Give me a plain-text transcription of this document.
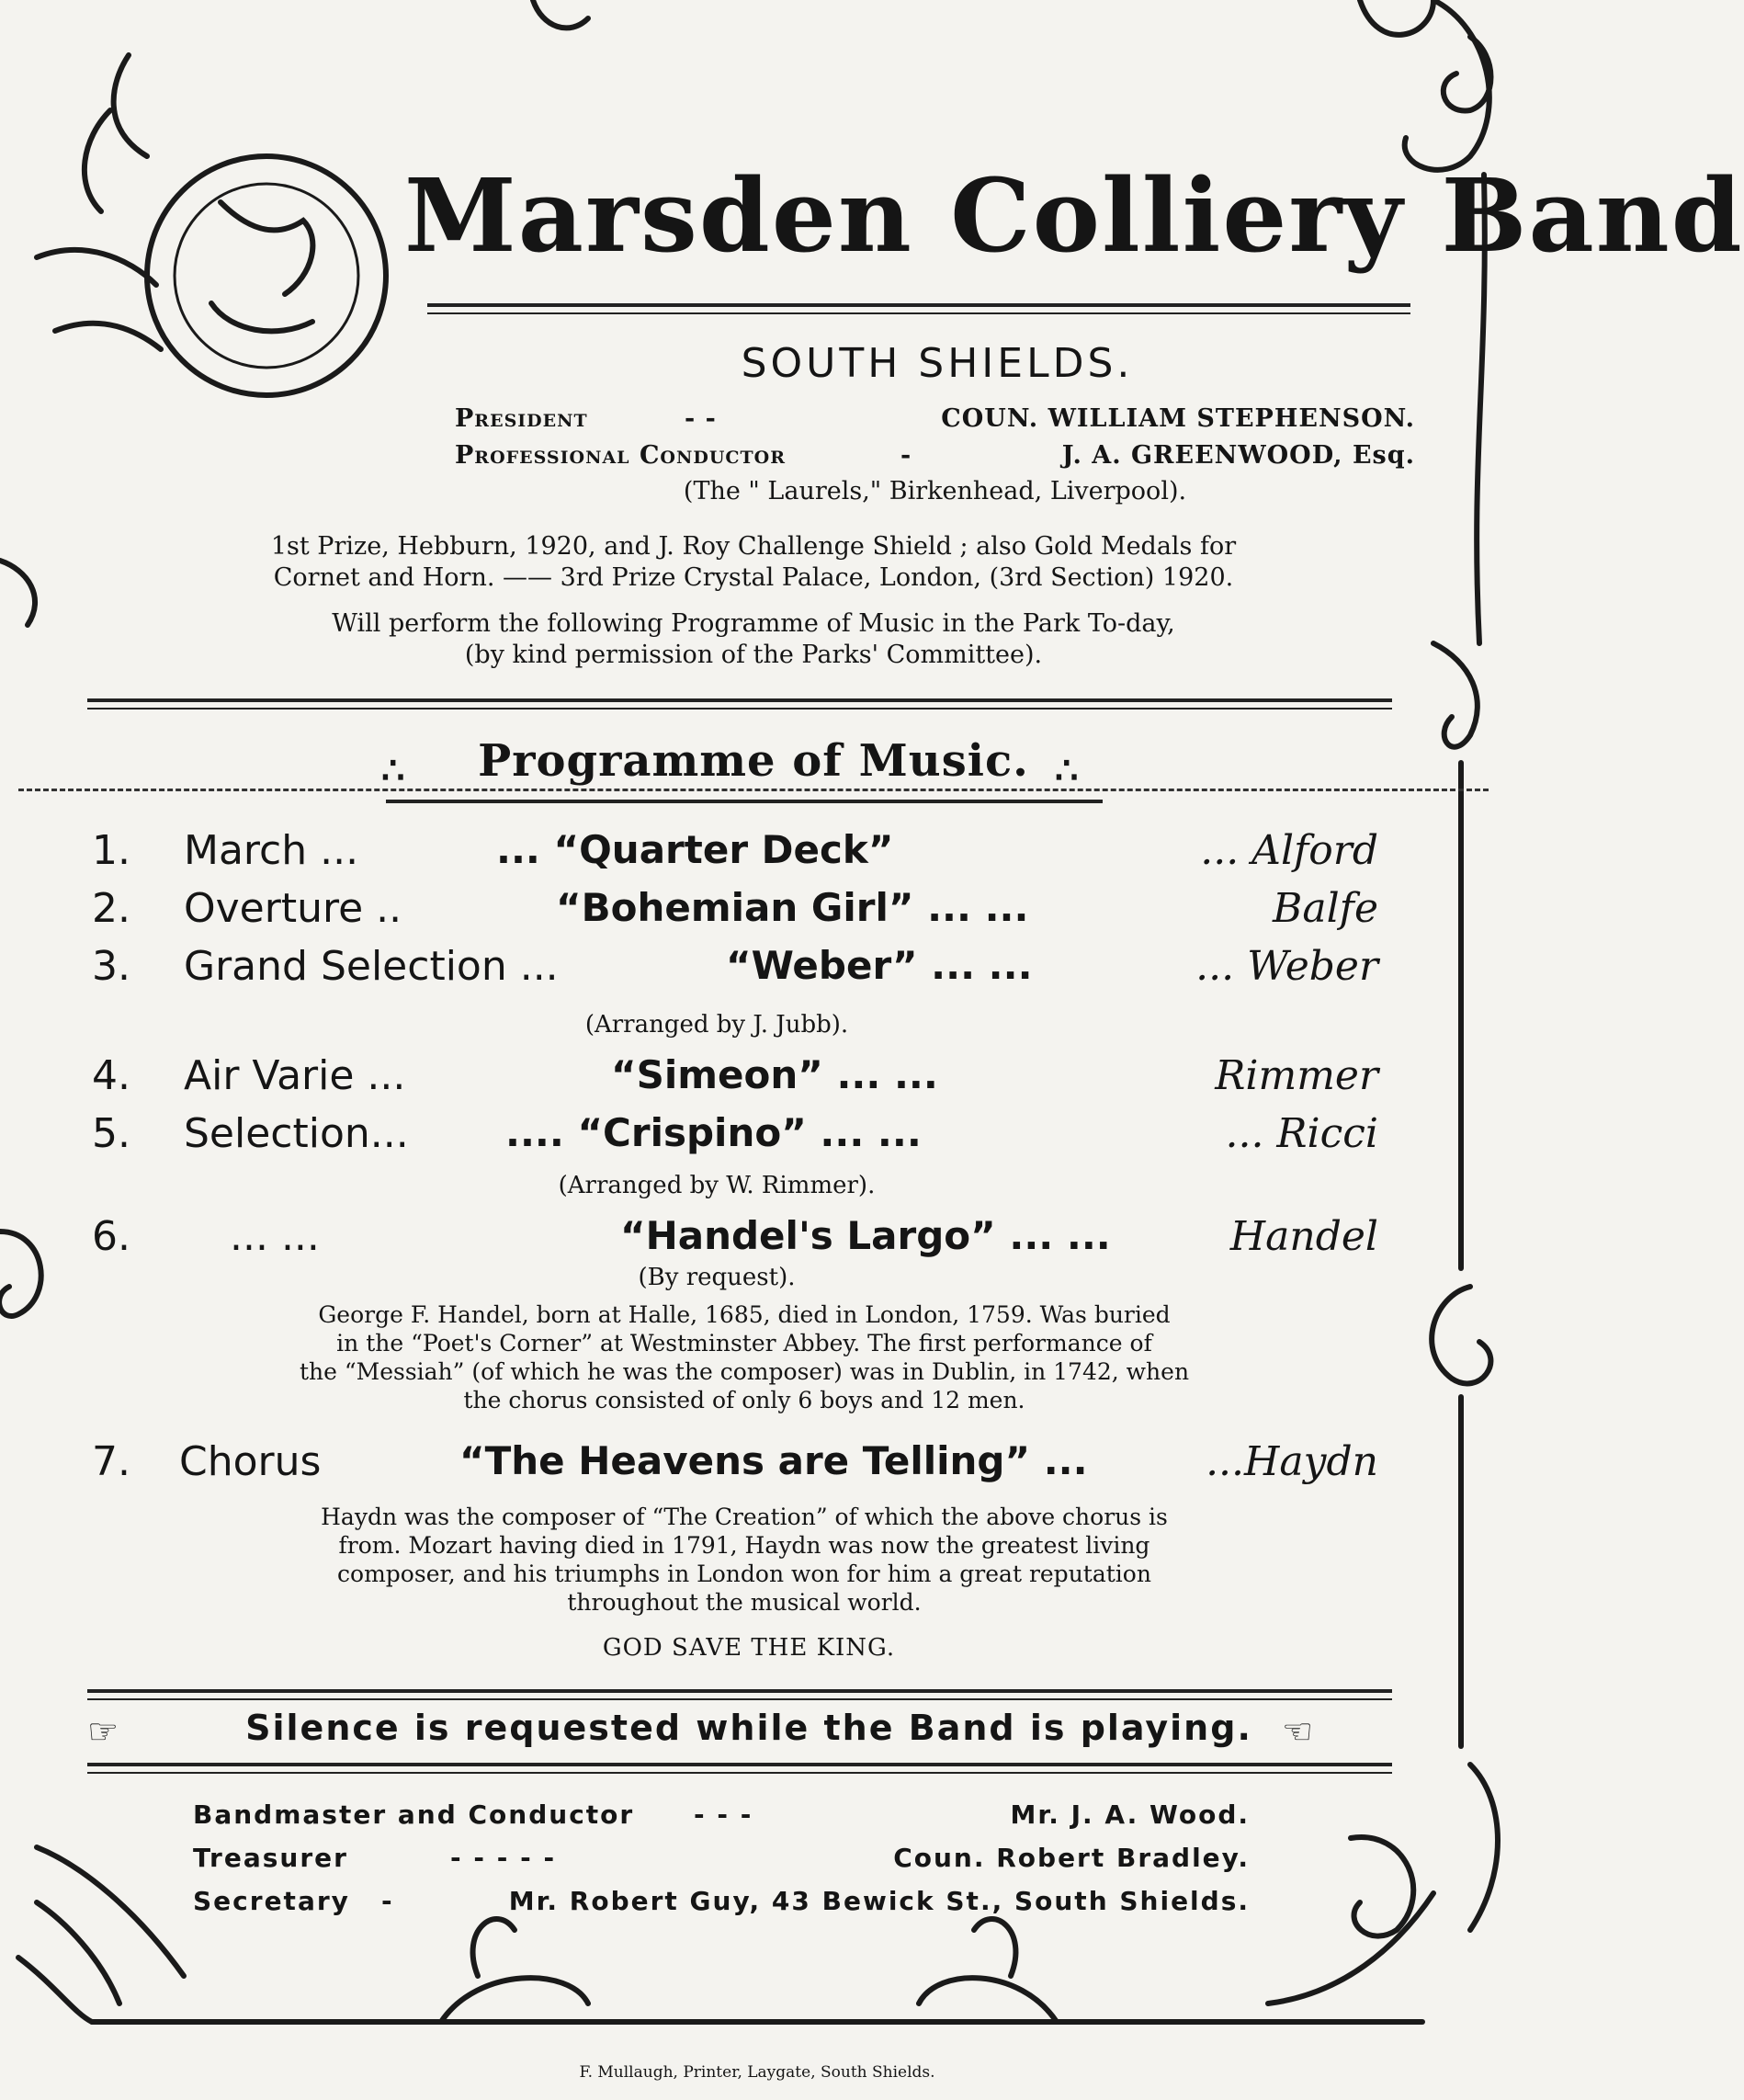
Marsden Colliery Band
SOUTH SHIELDS.
President	- -	COUN. WILLIAM STEPHENSON.
Professional Conductor	-	J. A. GREENWOOD, Esq.
(The " Laurels," Birkenhead, Liverpool).
1st Prize, Hebburn, 1920, and J. Roy Challenge Shield ; also Gold Medals for
Cornet and Horn. —— 3rd Prize Crystal Palace, London, (3rd Section) 1920.
Will perform the following Programme of Music in the Park To-day,
(by kind permission of the Parks' Committee).
∴	Programme of Music. ∴
1. March ...	... “Quarter Deck”	... Alford
2. Overture ..	“Bohemian Girl” ... ...	Balfe
3. Grand Selection ...	“Weber” ... ...	... Weber
(Arranged by J. Jubb).
4. Air Varie ...	“Simeon” ... ...	Rimmer
5. Selection...	.... “Crispino” ... ...	... Ricci
(Arranged by W. Rimmer).
6. ... ...	“Handel's Largo” ... ...	Handel
(By request).
George F. Handel, born at Halle, 1685, died in London, 1759. Was buried
in the “Poet's Corner” at Westminster Abbey. The first performance of
the “Messiah” (of which he was the composer) was in Dublin, in 1742, when
the chorus consisted of only 6 boys and 12 men.
7. Chorus	“The Heavens are Telling” ...	...Haydn
Haydn was the composer of “The Creation” of which the above chorus is
from. Mozart having died in 1791, Haydn was now the greatest living
composer, and his triumphs in London won for him a great reputation
throughout the musical world.
GOD SAVE THE KING.
☞	Silence is requested while the Band is playing. ☜
Bandmaster and Conductor - - -	Mr. J. A. Wood.
Treasurer	- - - - -	Coun. Robert Bradley.
Secretary -	Mr. Robert Guy, 43 Bewick St., South Shields.
F. Mullaugh, Printer, Laygate, South Shields.
